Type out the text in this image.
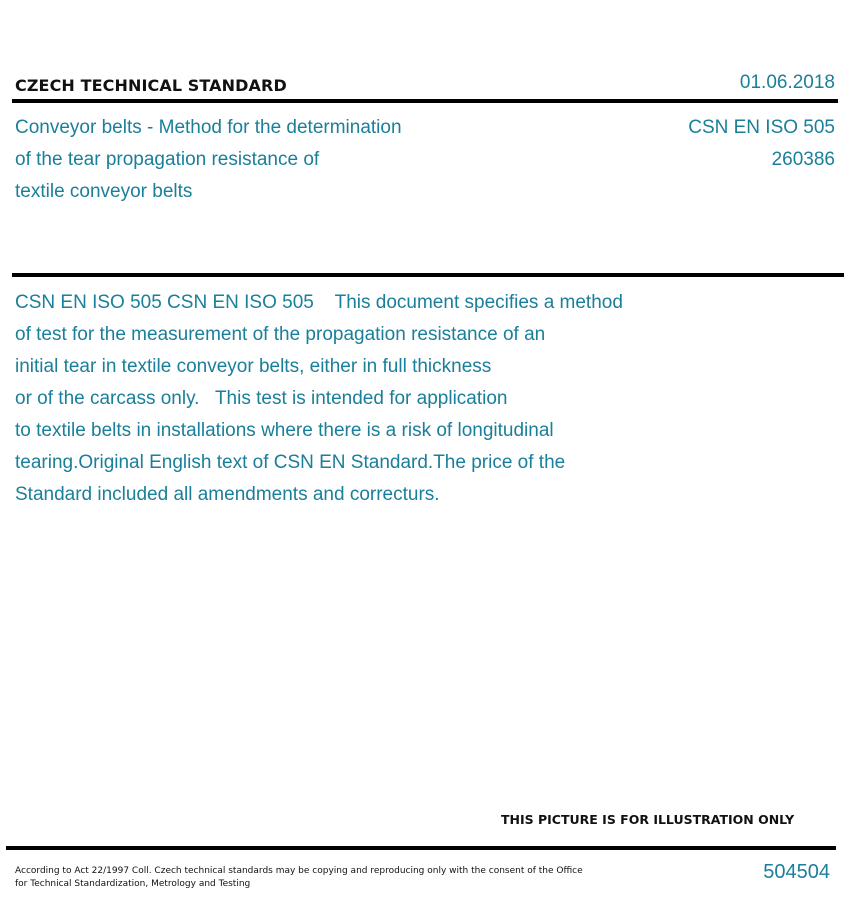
CZECH TECHNICAL STANDARD	01.06.2018
Conveyor belts - Method for the determination
of the tear propagation resistance of
textile conveyor belts
CSN EN ISO 505
260386
CSN EN ISO 505 CSN EN ISO 505    This document specifies a method
of test for the measurement of the propagation resistance of an
initial tear in textile conveyor belts, either in full thickness
or of the carcass only.   This test is intended for application
to textile belts in installations where there is a risk of longitudinal
tearing.Original English text of CSN EN Standard.The price of the
Standard included all amendments and correcturs.
THIS PICTURE IS FOR ILLUSTRATION ONLY
According to Act 22/1997 Coll. Czech technical standards may be copying and reproducing only with the consent of the Office
for Technical Standardization, Metrology and Testing
504504
